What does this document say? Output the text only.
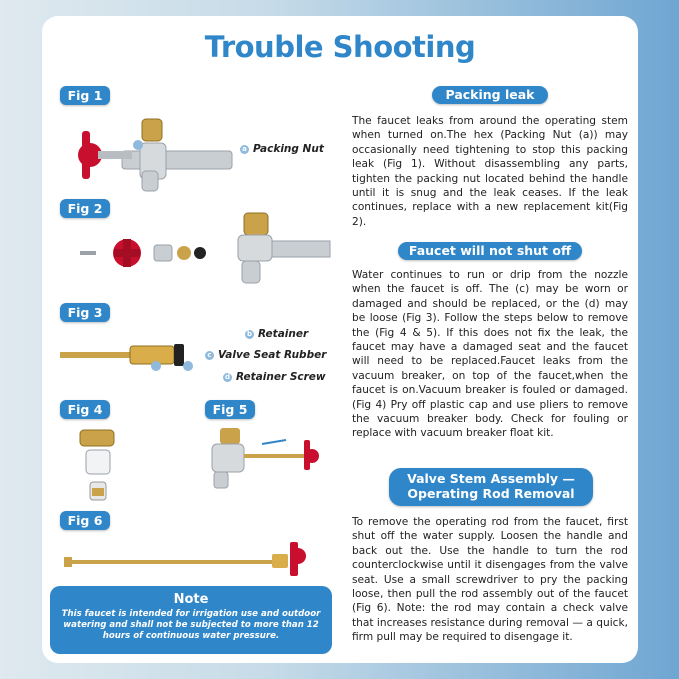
Trouble Shooting
Fig 1
a Packing Nut
Fig 2
Fig 3
b Retainer
c Valve Seat Rubber
d Retainer Screw
Fig 4	Fig 5
Fig 6
Note
This faucet is intended for irrigation use and outdoor watering and shall not be subjected to more than 12 hours of continuous water pressure.
Packing leak
The faucet leaks from around the operating stem when turned on.The hex (Packing Nut (a)) may occasionally need tightening to stop this packing leak (Fig 1). Without disassembling any parts, tighten the packing nut located behind the handle until it is snug and the leak ceases. If the leak continues, replace with a new replacement kit(Fig 2).
Faucet will not shut off
Water continues to run or drip from the nozzle when the faucet is off. The (c) may be worn or damaged and should be replaced, or the (d) may be loose (Fig 3). Follow the steps below to remove the (Fig 4 & 5). If this does not fix the leak, the faucet may have a damaged seat and the faucet will need to be replaced.Faucet leaks from the vacuum breaker, on top of the faucet,when the faucet is on.Vacuum breaker is fouled or damaged. (Fig 4) Pry off plastic cap and use pliers to remove the vacuum breaker body. Check for fouling or replace with vacuum breaker float kit.
Valve Stem Assembly —
Operating Rod Removal
To remove the operating rod from the faucet, first shut off the water supply. Loosen the handle and back out the. Use the handle to turn the rod counterclockwise until it disengages from the valve seat. Use a small screwdriver to pry the packing loose, then pull the rod assembly out of the faucet (Fig 6). Note: the rod may contain a check valve that increases resistance during removal — a quick, firm pull may be required to disengage it.
